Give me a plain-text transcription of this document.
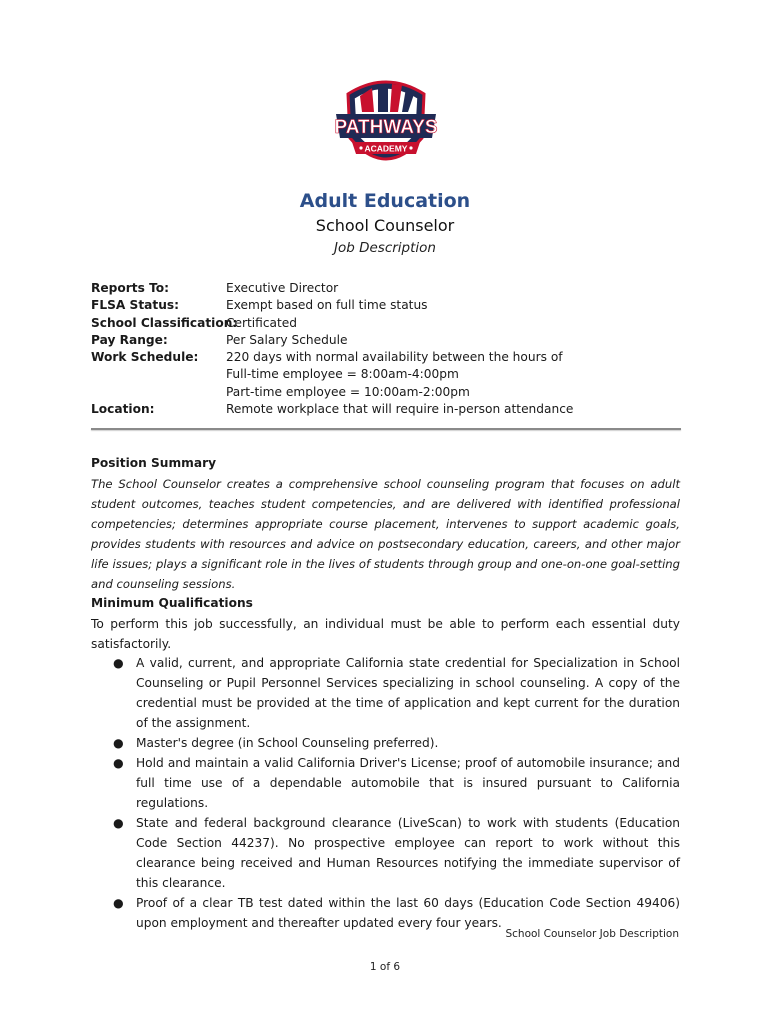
PATHWAYS
ACADEMY
Adult Education
School Counselor
Job Description
Reports To:	Executive Director
FLSA Status:	Exempt based on full time status
School Classification:
Certificated
Pay Range:	Per Salary Schedule
Work Schedule:	220 days with normal availability between the hours of
Full-time employee = 8:00am-4:00pm
Part-time employee = 10:00am-2:00pm
Location:	Remote workplace that will require in-person attendance
Position Summary
The School Counselor creates a comprehensive school counseling program that focuses on adult student outcomes, teaches student competencies, and are delivered with identified professional competencies; determines appropriate course placement, intervenes to support academic goals, provides students with resources and advice on postsecondary education, careers, and other major life issues; plays a significant role in the lives of students through group and one-on-one goal-setting and counseling sessions.
Minimum Qualifications
To perform this job successfully, an individual must be able to perform each essential duty satisfactorily.
● A valid, current, and appropriate California state credential for Specialization in School Counseling or Pupil Personnel Services specializing in school counseling. A copy of the credential must be provided at the time of application and kept current for the duration of the assignment.
● Master's degree (in School Counseling preferred).
● Hold and maintain a valid California Driver's License; proof of automobile insurance; and full time use of a dependable automobile that is insured pursuant to California regulations.
● State and federal background clearance (LiveScan) to work with students (Education Code Section 44237). No prospective employee can report to work without this clearance being received and Human Resources notifying the immediate supervisor of this clearance.
● Proof of a clear TB test dated within the last 60 days (Education Code Section 49406) upon employment and thereafter updated every four years.
School Counselor Job Description
1 of 6
